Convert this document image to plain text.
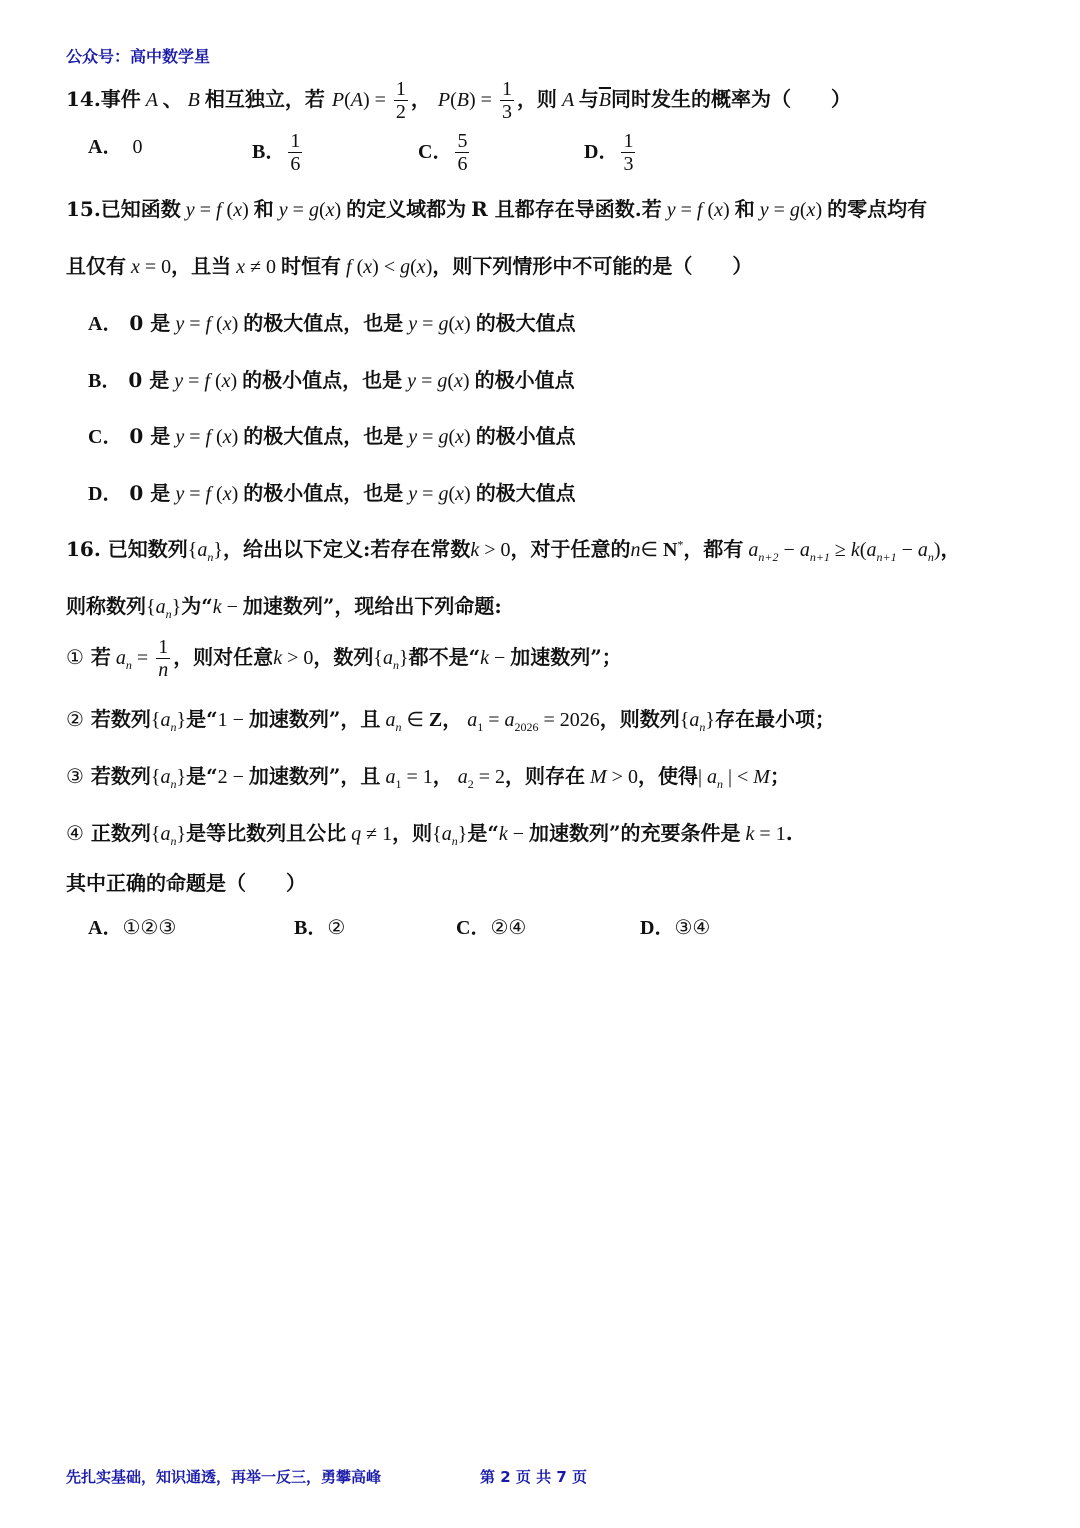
公众号：高中数学星
14.事件 A 、 B 相互独立，若 $P(A) = \frac{1}{2}$ ， $P(B) = \frac{1}{3}$ ，则 A 与$\overline{B}$同时发生的概率为（　　）
A． 0	B． $\frac{1}{6}$	C． $\frac{5}{6}$	D． $\frac{1}{3}$
15.已知函数 y = f (x) 和 y = g(x) 的定义域都为 R 且都存在导函数.若 y = f (x) 和 y = g(x) 的零点均有
且仅有 x = 0，且当 x ≠ 0 时恒有 f (x) < g(x)，则下列情形中不可能的是（　　）
A． 0 是 y = f (x) 的极大值点，也是 y = g(x) 的极大值点
B． 0 是 y = f (x) 的极小值点，也是 y = g(x) 的极小值点
C． 0 是 y = f (x) 的极大值点，也是 y = g(x) 的极小值点
D． 0 是 y = f (x) 的极小值点，也是 y = g(x) 的极大值点
16. 已知数列$\{a_n\}$，给出以下定义:若存在常数k > 0，对于任意的n∈ N*，都有 $a_{n+2} - a_{n+1} \ge k(a_{n+1} - a_n)$，
则称数列$\{a_n\}$为“k − 加速数列”，现给出下列命题:
① 若 $a_n = \frac{1}{n}$ ，则对任意k > 0，数列$\{a_n\}$都不是“k − 加速数列”；
② 若数列$\{a_n\}$是“1 − 加速数列”，且 $a_n$ ∈ Z， $a_1 = a_{2026} = 2026$，则数列$\{a_n\}$存在最小项；
③ 若数列$\{a_n\}$是“2 − 加速数列”，且 $a_1 = 1$， $a_2 = 2$，则存在 M > 0，使得| $a_n$ | < M；
④ 正数列$\{a_n\}$是等比数列且公比 q ≠ 1，则$\{a_n\}$是“k − 加速数列”的充要条件是 k = 1.
其中正确的命题是（　　）
A．①②③	B．②	C．②④	D．③④
先扎实基础，知识通透，再举一反三，勇攀高峰	第 2 页 共 7 页
